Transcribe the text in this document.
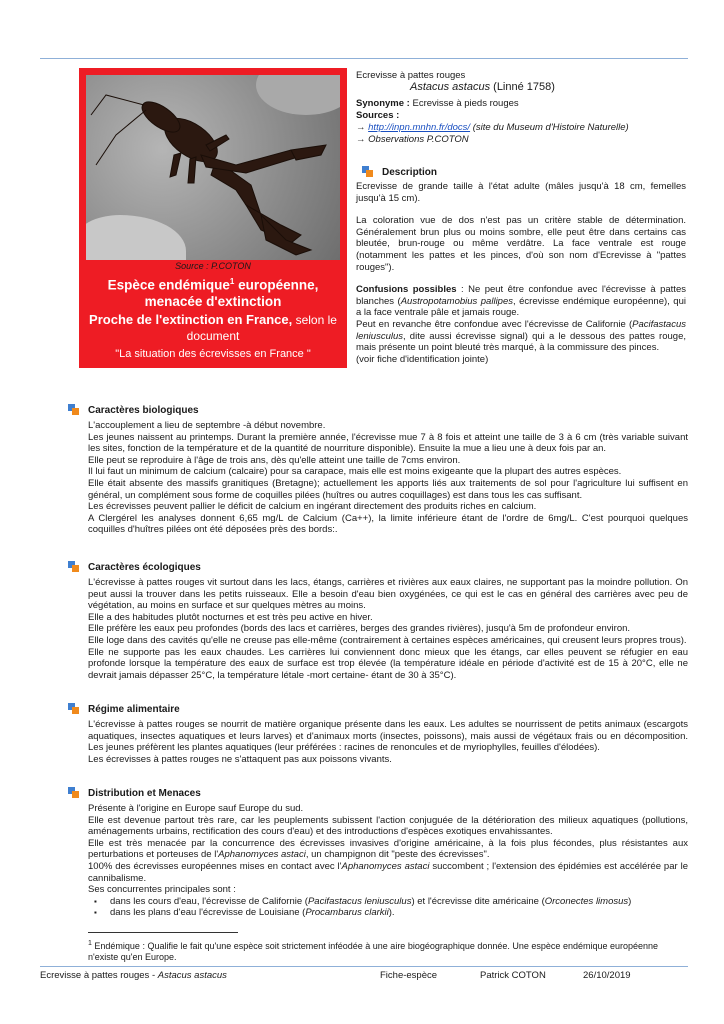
Source : P.COTON
Espèce endémique$^1$ européenne,
menacée d'extinction
Proche de l'extinction en France, selon le document
"La situation des écrevisses en France "
(CSP-ONEMA, avril 2007)
Ecrevisse à pattes rouges
Astacus astacus (Linné 1758)
Synonyme : Ecrevisse à pieds rouges
Sources :
→ http://inpn.mnhn.fr/docs/ (site du Museum d'Histoire Naturelle)
→ Observations P.COTON
Description

Ecrevisse de grande taille à l'état adulte (mâles jusqu'à 18 cm, femelles jusqu'à 15 cm).

La coloration vue de dos n'est pas un critère stable de détermination. Généralement brun plus ou moins sombre, elle peut être dans certains cas bleutée, brun-rouge ou même verdâtre. La face ventrale est rouge (notamment les pattes et les pinces, d'où son nom d'Ecrevisse à "pattes rouges").

Confusions possibles : Ne peut être confondue avec l'écrevisse à pattes blanches (Austropotamobius pallipes, écrevisse endémique européenne), qui a la face ventrale pâle et jamais rouge.

Peut en revanche être confondue avec l'écrevisse de Californie (Pacifastacus leniusculus, dite aussi écrevisse signal) qui a le dessous des pattes rouge, mais présente un point bleuté très marqué, à la commissure des pinces.

(voir fiche d'identification jointe)

Caractères biologiques

L'accouplement a lieu de septembre -à début novembre.

Les jeunes naissent au printemps. Durant la première année, l'écrevisse mue 7 à 8 fois et atteint une taille de 3 à 6 cm (très variable suivant les sites, fonction de la température et de la quantité de nourriture disponible). Ensuite la mue a lieu une à deux fois par an.

Elle peut se reproduire à l'âge de trois ans, dès qu'elle atteint une taille de 7cms environ.

Il lui faut un minimum de calcium (calcaire) pour sa carapace, mais elle est moins exigeante que la plupart des autres espèces.

Elle était absente des massifs granitiques (Bretagne); actuellement les apports liés aux traitements de sol pour l'agriculture lui suffisent en général, un complément sous forme de coquilles pilées (huîtres ou autres coquillages) est dans tous les cas suffisant.

Les écrevisses peuvent pallier le déficit de calcium en ingérant directement des produits riches en calcium.

A Clergérel les analyses donnent 6,65 mg/L de Calcium (Ca++), la limite inférieure étant de l'ordre de 6mg/L. C'est pourquoi quelques coquilles d'huîtres pilées ont été déposées près des bords:.

Caractères écologiques

L'écrevisse à pattes rouges vit surtout dans les lacs, étangs, carrières et rivières aux eaux claires, ne supportant pas la moindre pollution. On peut aussi la trouver dans les petits ruisseaux. Elle a besoin d'eau bien oxygénées, ce qui est le cas en général des carrières avec peu de végétation, au moins en surface et sur quelques mètres au moins.

Elle a des habitudes plutôt nocturnes et est très peu active en hiver.

Elle préfère les eaux peu profondes (bords des lacs et carrières, berges des grandes rivières), jusqu'à 5m de profondeur environ.

Elle loge dans des cavités qu'elle ne creuse pas elle-même (contrairement à certaines espèces américaines, qui creusent leurs propres trous).

Elle ne supporte pas les eaux chaudes. Les carrières lui conviennent donc mieux que les étangs, car elles peuvent se réfugier en eau profonde lorsque la température des eaux de surface est trop élevée (la température idéale en période d'activité est de 15 à 20°C, elle ne devrait jamais dépasser 25°C, la température létale -mort certaine- étant de 30 à 35°C).

Régime alimentaire

L'écrevisse à pattes rouges se nourrit de matière organique présente dans les eaux. Les adultes se nourrissent de petits animaux (escargots aquatiques, insectes aquatiques et leurs larves) et d'animaux morts (insectes, poissons), mais aussi de végétaux frais ou en décomposition. Les jeunes préfèrent les plantes aquatiques (leur préférées : racines de renoncules et de myriophylles, feuilles d'élodées).

Les écrevisses à pattes rouges ne s'attaquent pas aux poissons vivants.

Distribution et Menaces

Présente à l'origine en Europe sauf Europe du sud.

Elle est devenue partout très rare, car les peuplements subissent l'action conjuguée de la détérioration des milieux aquatiques (pollutions, aménagements urbains, rectification des cours d'eau) et des introductions d'espèces exotiques envahissantes.

Elle est très menacée par la concurrence des écrevisses invasives d'origine américaine, à la fois plus fécondes, plus résistantes aux perturbations et porteuses de l'Aphanomyces astaci, un champignon dit "peste des écrevisses".

100% des écrevisses européennes mises en contact avec l'Aphanomyces astaci succombent ; l'extension des épidémies est accélérée par le cannibalisme.

Ses concurrentes principales sont :

▪ dans les cours d'eau, l'écrevisse de Californie (Pacifastacus leniusculus) et l'écrevisse dite américaine (Orconectes limosus)
▪ dans les plans d'eau l'écrevisse de Louisiane (Procambarus clarkii).
$^1$ Endémique : Qualifie le fait qu'une espèce soit strictement inféodée à une aire biogéographique donnée. Une espèce endémique européenne n'existe qu'en Europe.
Ecrevisse à pattes rouges - Astacus astacus	Fiche-espèce	Patrick COTON	26/10/2019
